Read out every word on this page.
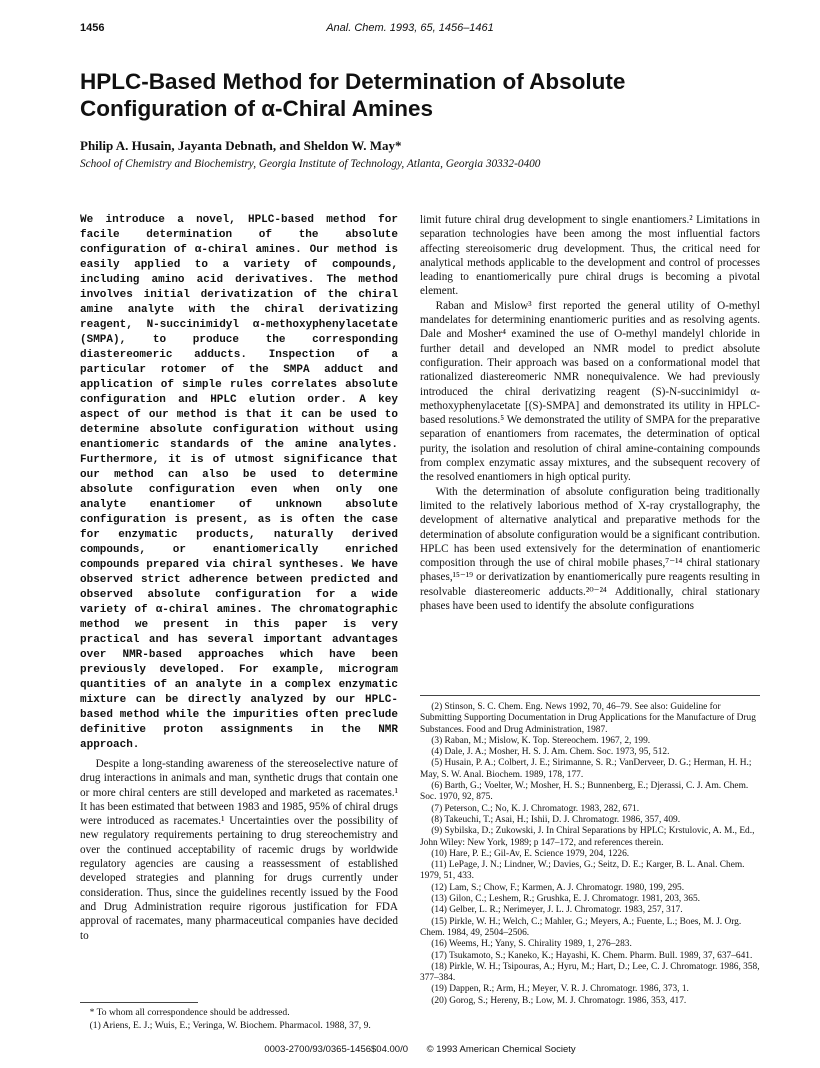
1456	Anal. Chem. 1993, 65, 1456–1461
HPLC-Based Method for Determination of Absolute
Configuration of α-Chiral Amines
Philip A. Husain, Jayanta Debnath, and Sheldon W. May*
School of Chemistry and Biochemistry, Georgia Institute of Technology, Atlanta, Georgia 30332-0400

We introduce a novel, HPLC-based method for facile determination of the absolute configuration of α-chiral amines. Our method is easily applied to a variety of compounds, including amino acid derivatives. The method involves initial derivatization of the chiral amine analyte with the chiral derivatizing reagent, N-succinimidyl α-methoxyphenylacetate (SMPA), to produce the corresponding diastereomeric adducts. Inspection of a particular rotomer of the SMPA adduct and application of simple rules correlates absolute configuration and HPLC elution order. A key aspect of our method is that it can be used to determine absolute configuration without using enantiomeric standards of the amine analytes. Furthermore, it is of utmost significance that our method can also be used to determine absolute configuration even when only one analyte enantiomer of unknown absolute configuration is present, as is often the case for enzymatic products, naturally derived compounds, or enantiomerically enriched compounds prepared via chiral syntheses. We have observed strict adherence between predicted and observed absolute configuration for a wide variety of α-chiral amines. The chromatographic method we present in this paper is very practical and has several important advantages over NMR-based approaches which have been previously developed. For example, microgram quantities of an analyte in a complex enzymatic mixture can be directly analyzed by our HPLC-based method while the impurities often preclude definitive proton assignments in the NMR approach.

Despite a long-standing awareness of the stereoselective nature of drug interactions in animals and man, synthetic drugs that contain one or more chiral centers are still developed and marketed as racemates.¹ It has been estimated that between 1983 and 1985, 95% of chiral drugs were introduced as racemates.¹ Uncertainties over the possibility of new regulatory requirements pertaining to drug stereochemistry and over the continued acceptability of racemic drugs by worldwide regulatory agencies are causing a reassessment of established developed strategies and planning for drugs currently under consideration. Thus, since the guidelines recently issued by the Food and Drug Administration require rigorous justification for FDA approval of racemates, many pharmaceutical companies have decided to

* To whom all correspondence should be addressed.

(1) Ariens, E. J.; Wuis, E.; Veringa, W. Biochem. Pharmacol. 1988, 37, 9.

limit future chiral drug development to single enantiomers.² Limitations in separation technologies have been among the most influential factors affecting stereoisomeric drug development. Thus, the critical need for analytical methods applicable to the development and control of processes leading to enantiomerically pure chiral drugs is becoming a pivotal element.

Raban and Mislow³ first reported the general utility of O-methyl mandelates for determining enantiomeric purities and as resolving agents. Dale and Mosher⁴ examined the use of O-methyl mandelyl chloride in further detail and developed an NMR model to predict absolute configuration. Their approach was based on a conformational model that rationalized diastereomeric NMR nonequivalence. We had previously introduced the chiral derivatizing reagent (S)-N-succinimidyl α-methoxyphenylacetate [(S)-SMPA] and demonstrated its utility in HPLC-based resolutions.⁵ We demonstrated the utility of SMPA for the preparative separation of enantiomers from racemates, the determination of optical purity, the isolation and resolution of chiral amine-containing compounds from complex enzymatic assay mixtures, and the subsequent recovery of the resolved enantiomers in high optical purity.

With the determination of absolute configuration being traditionally limited to the relatively laborious method of X-ray crystallography, the development of alternative analytical and preparative methods for the determination of absolute configuration would be a significant contribution. HPLC has been used extensively for the determination of enantiomeric composition through the use of chiral mobile phases,⁷⁻¹⁴ chiral stationary phases,¹⁵⁻¹⁹ or derivatization by enantiomerically pure reagents resulting in resolvable diastereomeric adducts.²⁰⁻²⁴ Additionally, chiral stationary phases have been used to identify the absolute configurations

(2) Stinson, S. C. Chem. Eng. News 1992, 70, 46–79. See also: Guideline for Submitting Supporting Documentation in Drug Applications for the Manufacture of Drug Substances. Food and Drug Administration, 1987.
(3) Raban, M.; Mislow, K. Top. Stereochem. 1967, 2, 199.
(4) Dale, J. A.; Mosher, H. S. J. Am. Chem. Soc. 1973, 95, 512.
(5) Husain, P. A.; Colbert, J. E.; Sirimanne, S. R.; VanDerveer, D. G.; Herman, H. H.; May, S. W. Anal. Biochem. 1989, 178, 177.
(6) Barth, G.; Voelter, W.; Mosher, H. S.; Bunnenberg, E.; Djerassi, C. J. Am. Chem. Soc. 1970, 92, 875.
(7) Peterson, C.; No, K. J. Chromatogr. 1983, 282, 671.
(8) Takeuchi, T.; Asai, H.; Ishii, D. J. Chromatogr. 1986, 357, 409.
(9) Sybilska, D.; Zukowski, J. In Chiral Separations by HPLC; Krstulovic, A. M., Ed., John Wiley: New York, 1989; p 147–172, and references therein.
(10) Hare, P. E.; Gil-Av, E. Science 1979, 204, 1226.
(11) LePage, J. N.; Lindner, W.; Davies, G.; Seitz, D. E.; Karger, B. L. Anal. Chem. 1979, 51, 433.
(12) Lam, S.; Chow, F.; Karmen, A. J. Chromatogr. 1980, 199, 295.
(13) Gilon, C.; Leshem, R.; Grushka, E. J. Chromatogr. 1981, 203, 365.
(14) Gelber, L. R.; Nerimeyer, J. L. J. Chromatogr. 1983, 257, 317.
(15) Pirkle, W. H.; Welch, C.; Mahler, G.; Meyers, A.; Fuente, L.; Boes, M. J. Org. Chem. 1984, 49, 2504–2506.
(16) Weems, H.; Yany, S. Chirality 1989, 1, 276–283.
(17) Tsukamoto, S.; Kaneko, K.; Hayashi, K. Chem. Pharm. Bull. 1989, 37, 637–641.
(18) Pirkle, W. H.; Tsipouras, A.; Hyru, M.; Hart, D.; Lee, C. J. Chromatogr. 1986, 358, 377–384.
(19) Dappen, R.; Arm, H.; Meyer, V. R. J. Chromatogr. 1986, 373, 1.
(20) Gorog, S.; Hereny, B.; Low, M. J. Chromatogr. 1986, 353, 417.
0003-2700/93/0365-1456$04.00/0 © 1993 American Chemical Society
